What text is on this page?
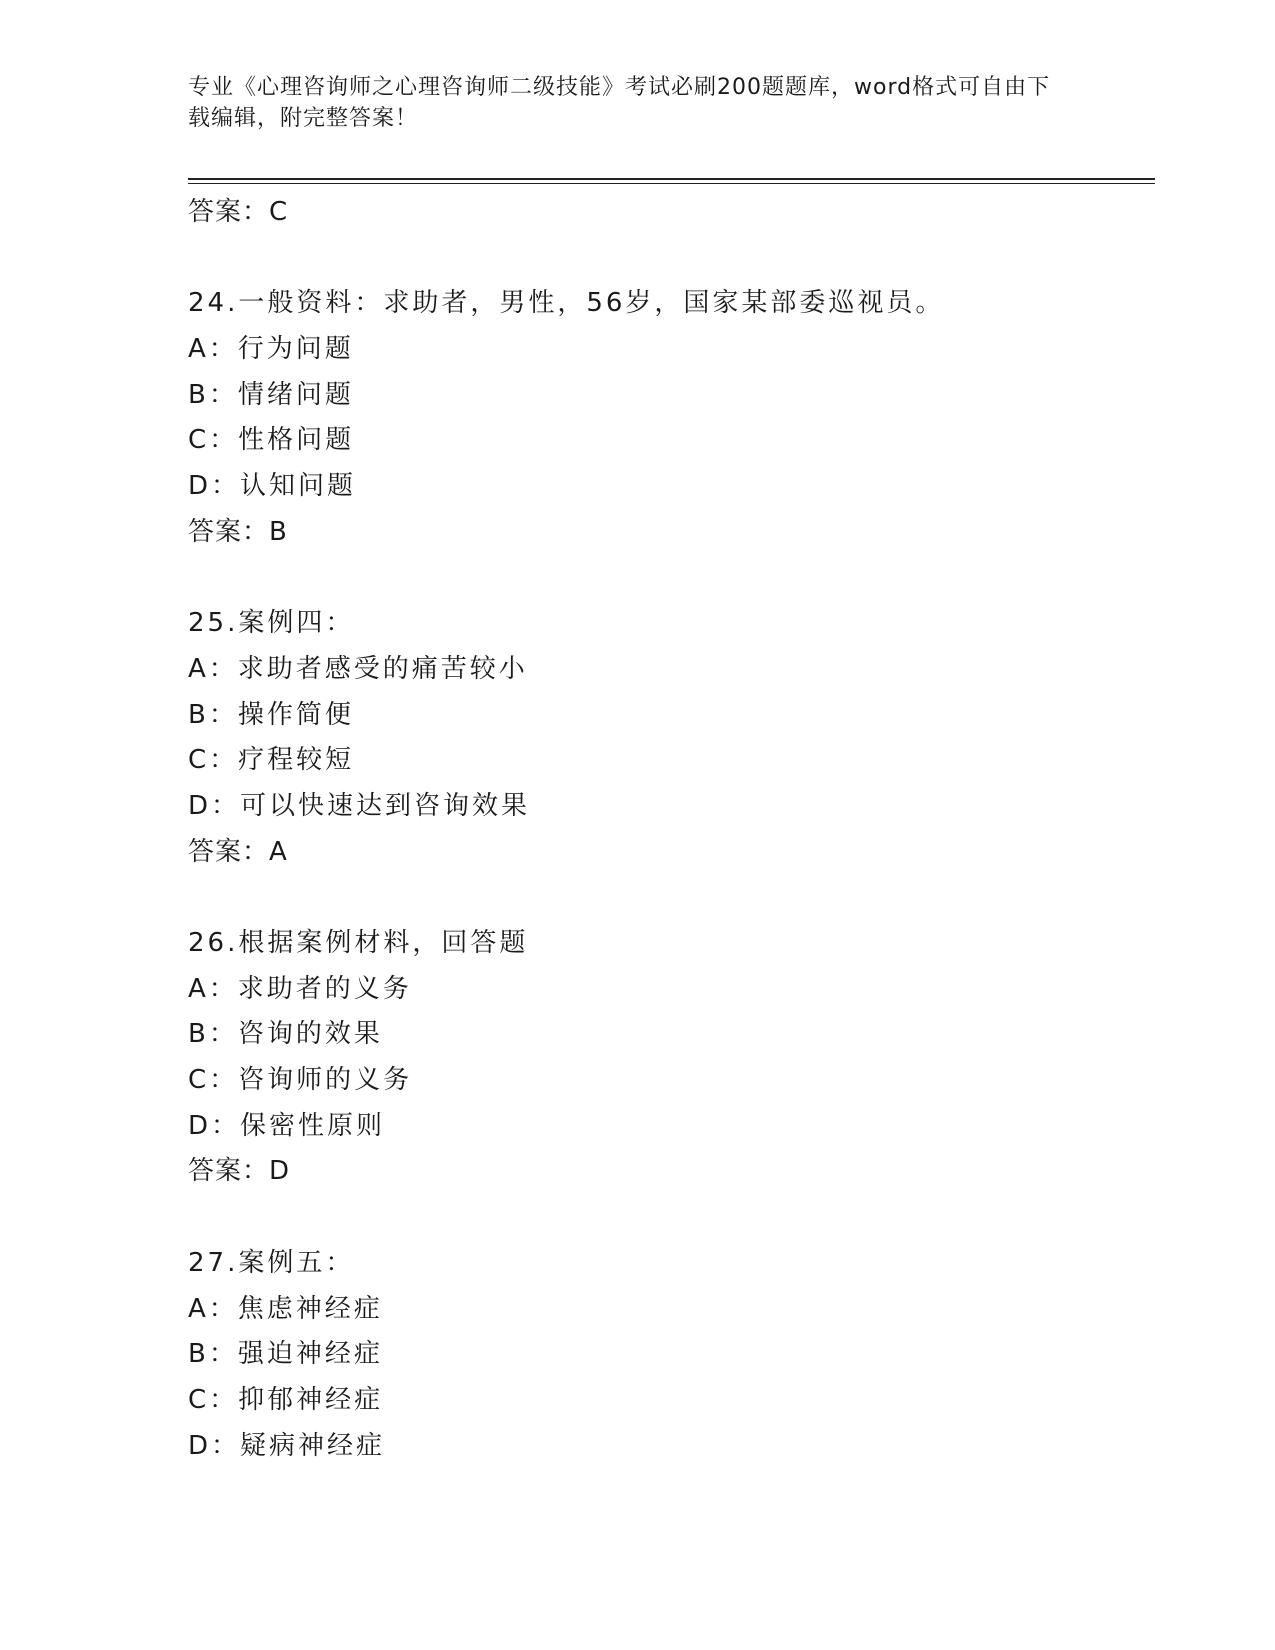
专业《心理咨询师之心理咨询师二级技能》考试必刷200题题库，word格式可自由下载编辑，附完整答案！
答案：C
24.一般资料：求助者，男性，56岁，国家某部委巡视员。
A：行为问题
B：情绪问题
C：性格问题
D：认知问题
答案：B
25.案例四：
A：求助者感受的痛苦较小
B：操作简便
C：疗程较短
D：可以快速达到咨询效果
答案：A
26.根据案例材料，回答题
A：求助者的义务
B：咨询的效果
C：咨询师的义务
D：保密性原则
答案：D
27.案例五：
A：焦虑神经症
B：强迫神经症
C：抑郁神经症
D：疑病神经症
